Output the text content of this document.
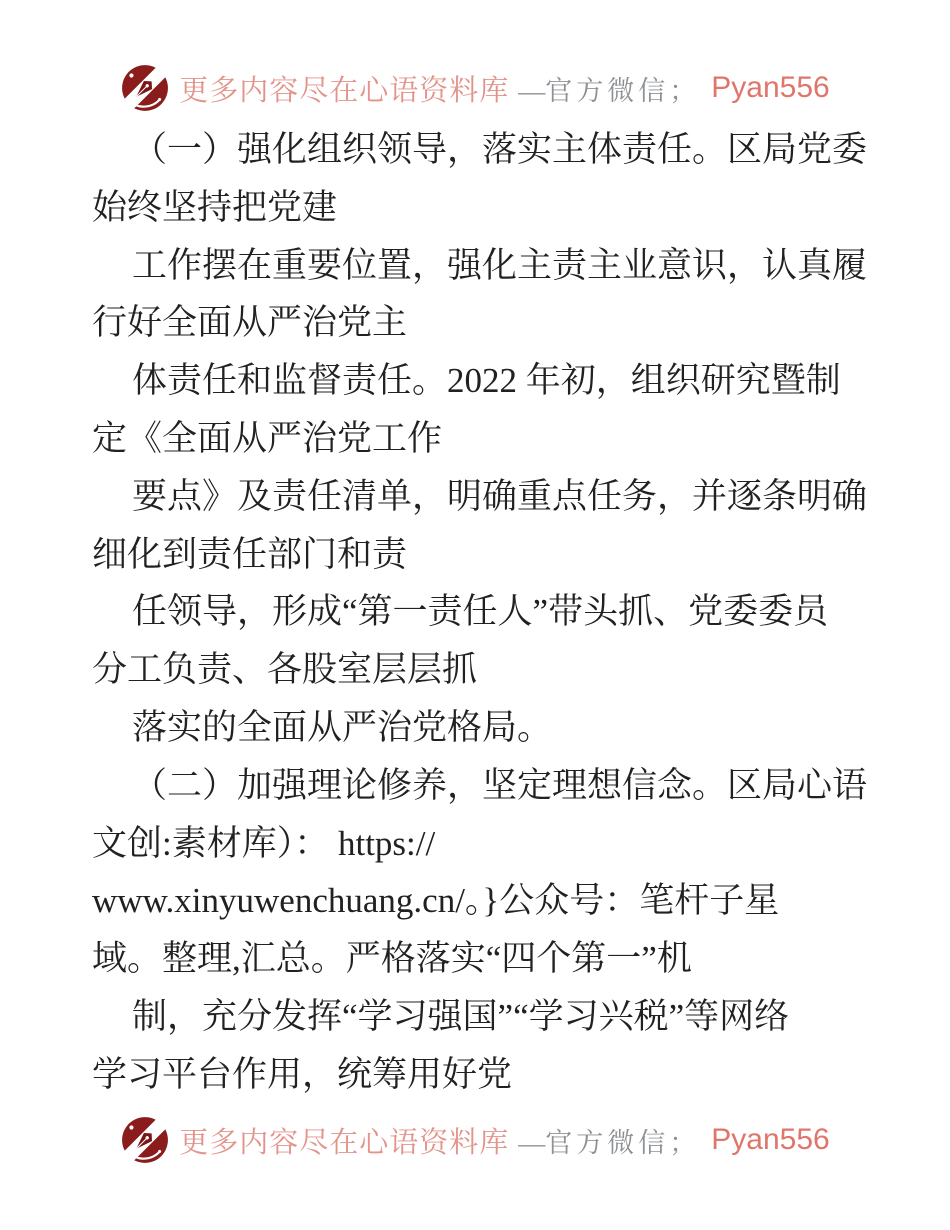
更多内容尽在心语资料库 —官方微信； Pyan556
（一）强化组织领导，落实主体责任。区局党委
始终坚持把党建
工作摆在重要位置，强化主责主业意识，认真履
行好全面从严治党主
体责任和监督责任。2022 年初，组织研究暨制
定《全面从严治党工作
要点》及责任清单，明确重点任务，并逐条明确
细化到责任部门和责
任领导，形成“第一责任人”带头抓、党委委员
分工负责、各股室层层抓
落实的全面从严治党格局。
（二）加强理论修养，坚定理想信念。区局心语
文创:素材库）： https://
www.xinyuwenchuang.cn/。}公众号：笔杆子星
域。整理,汇总。严格落实“四个第一”机
制，充分发挥“学习强国”“学习兴税”等网络
学习平台作用，统筹用好党
更多内容尽在心语资料库 —官方微信； Pyan556
